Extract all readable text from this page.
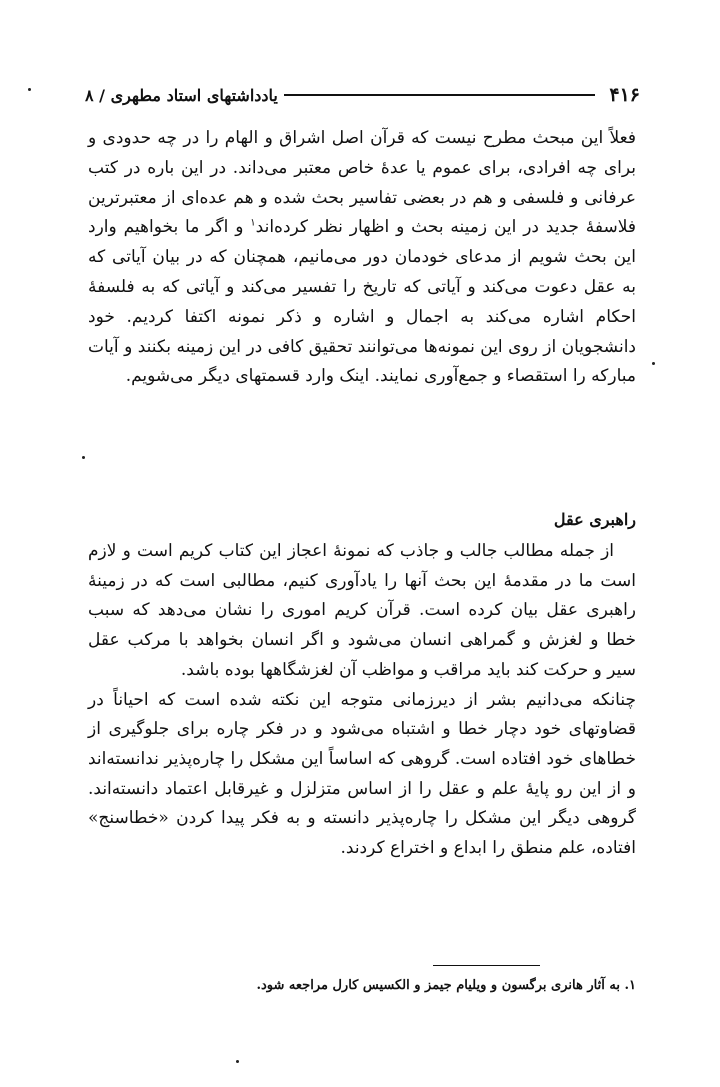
۴۱۶
یادداشتهای استاد مطهری / ۸

فعلاً این مبحث مطرح نیست که قرآن اصل اشراق و الهام را در چه حدودی و برای چه افرادی، برای عموم یا عدهٔ خاص معتبر می‌داند. در این باره در کتب عرفانی و فلسفی و هم در بعضی تفاسیر بحث شده و هم عده‌ای از معتبرترین فلاسفهٔ جدید در این زمینه بحث و اظهار نظر کرده‌اند$^۱$ و اگر ما بخواهیم وارد این بحث شویم از مدعای خودمان دور می‌مانیم، همچنان که در بیان آیاتی که به عقل دعوت می‌کند و آیاتی که تاریخ را تفسیر می‌کند و آیاتی که به فلسفهٔ احکام اشاره می‌کند به اجمال و اشاره و ذکر نمونه اکتفا کردیم. خود دانشجویان از روی این نمونه‌ها می‌توانند تحقیق کافی در این زمینه بکنند و آیات مبارکه را استقصاء و جمع‌آوری نمایند. اینک وارد قسمتهای دیگر می‌شویم.

راهبری عقل

از جمله مطالب جالب و جاذب که نمونهٔ اعجاز این کتاب کریم است و لازم است ما در مقدمهٔ این بحث آنها را یادآوری کنیم، مطالبی است که در زمینهٔ راهبری عقل بیان کرده است. قرآن کریم اموری را نشان می‌دهد که سبب خطا و لغزش و گمراهی انسان می‌شود و اگر انسان بخواهد با مرکب عقل سیر و حرکت کند باید مراقب و مواظب آن لغزشگاهها بوده باشد.

چنانکه می‌دانیم بشر از دیرزمانی متوجه این نکته شده است که احیاناً در قضاوتهای خود دچار خطا و اشتباه می‌شود و در فکر چاره برای جلوگیری از خطاهای خود افتاده است. گروهی که اساساً این مشکل را چاره‌پذیر ندانسته‌اند و از این رو پایهٔ علم و عقل را از اساس متزلزل و غیرقابل اعتماد دانسته‌اند. گروهی دیگر این مشکل را چاره‌پذیر دانسته و به فکر پیدا کردن «خطاسنج» افتاده، علم منطق را ابداع و اختراع کردند.

۱. به آثار هانری برگسون و ویلیام جیمز و الکسیس کارل مراجعه شود.
